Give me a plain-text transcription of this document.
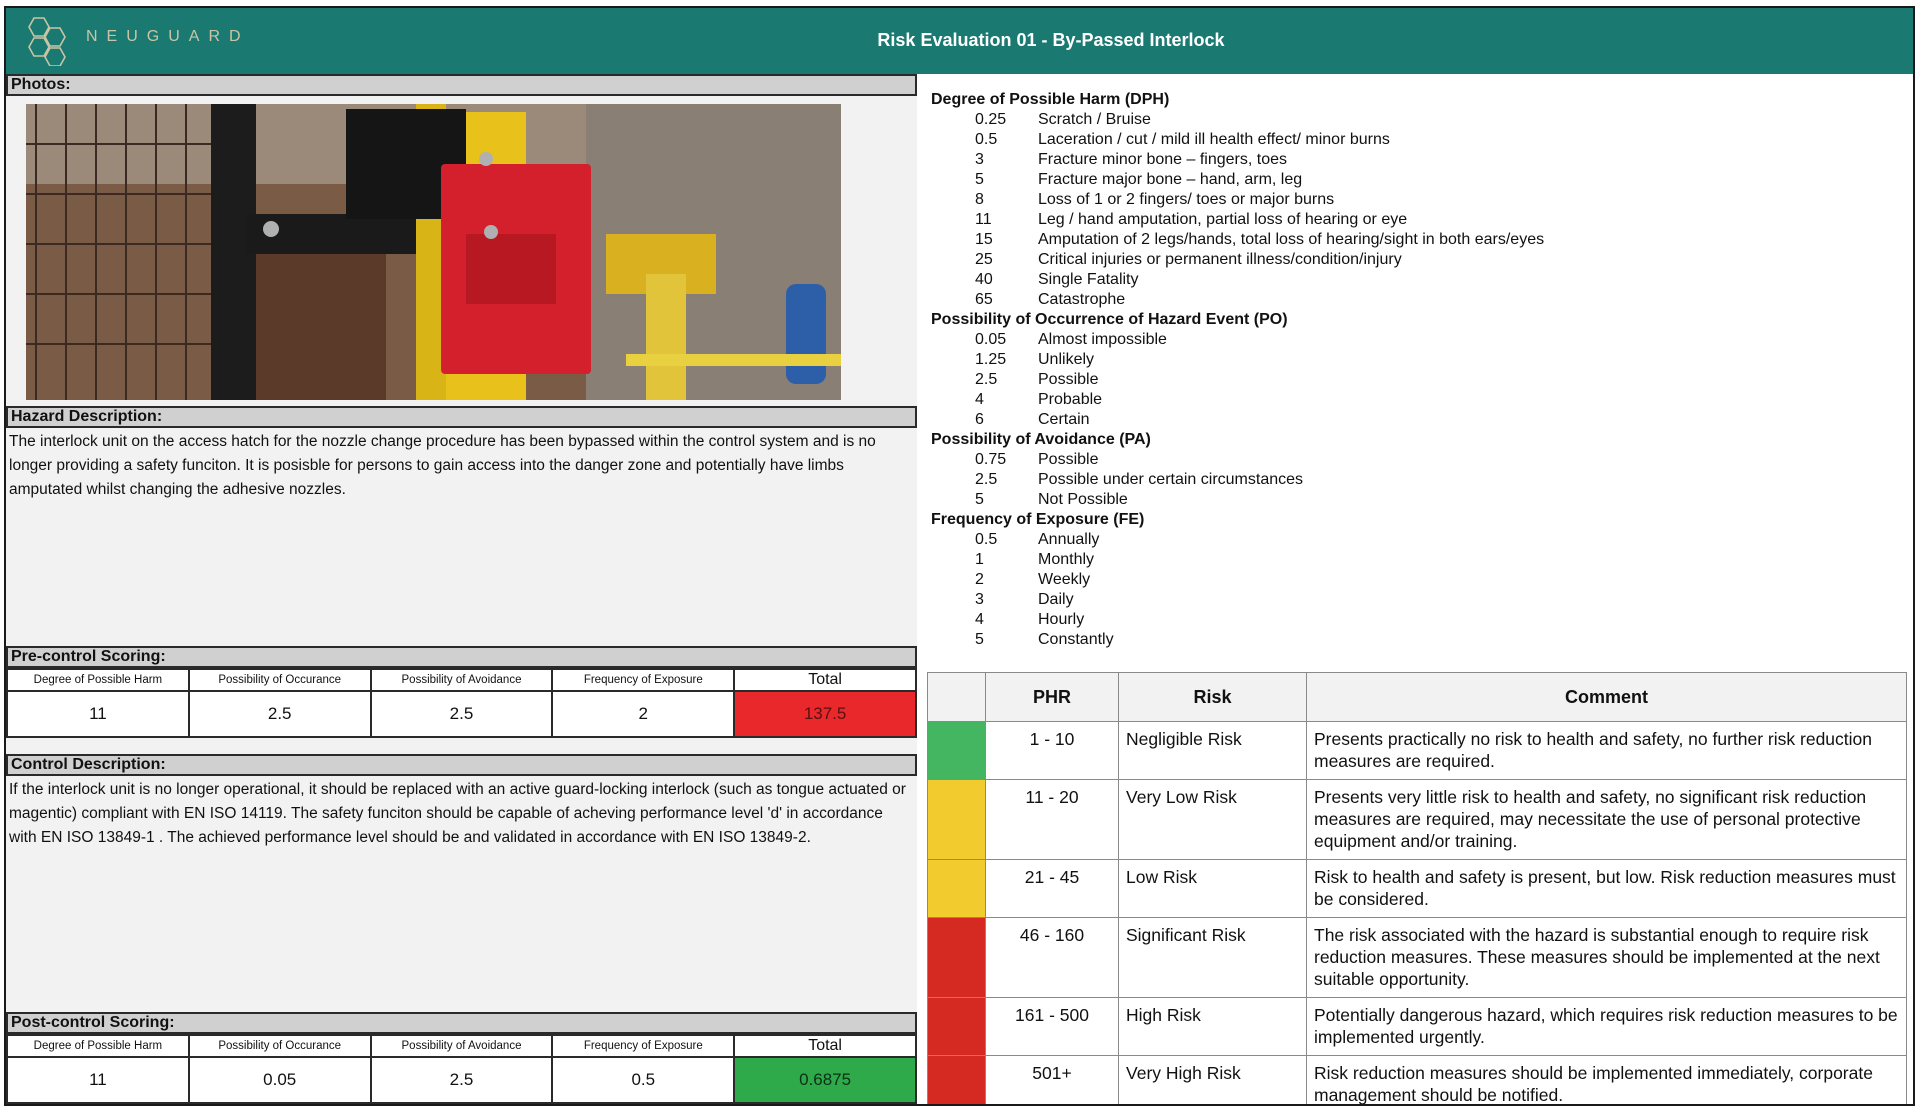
NEUGUARD	Risk Evaluation 01 - By-Passed Interlock
Photos:
Hazard Description:
The interlock unit on the access hatch for the nozzle change procedure has been bypassed within the control system and is no longer providing a safety funciton. It is posisble for persons to gain access into the danger zone and potentially have limbs amputated whilst changing the adhesive nozzles.
Pre-control Scoring:
Degree of Possible Harm	Possibility of Occurance	Possibility of Avoidance	Frequency of Exposure	Total
11	2.5	2.5	2	137.5
Control Description:
If the interlock unit is no longer operational, it should be replaced with an active guard-locking interlock (such as tongue actuated or magentic) compliant with EN ISO 14119. The safety funciton should be capable of acheving performance level 'd' in accordance with EN ISO 13849-1 . The achieved performance level should be and validated in accordance with EN ISO 13849-2.
Post-control Scoring:
Degree of Possible Harm	Possibility of Occurance	Possibility of Avoidance	Frequency of Exposure	Total
11	0.05	2.5	0.5	0.6875
Degree of Possible Harm (DPH)
0.25	Scratch / Bruise
0.5	Laceration / cut / mild ill health effect/ minor burns
3	Fracture minor bone – fingers, toes
5	Fracture major bone – hand, arm, leg
8	Loss of 1 or 2 fingers/ toes or major burns
11	Leg / hand amputation, partial loss of hearing or eye
15	Amputation of 2 legs/hands, total loss of hearing/sight in both ears/eyes
25	Critical injuries or permanent illness/condition/injury
40	Single Fatality
65	Catastrophe
Possibility of Occurrence of Hazard Event (PO)
0.05	Almost impossible
1.25	Unlikely
2.5	Possible
4	Probable
6	Certain
Possibility of Avoidance (PA)
0.75	Possible
2.5	Possible under certain circumstances
5	Not Possible
Frequency of Exposure (FE)
0.5	Annually
1	Monthly
2	Weekly
3	Daily
4	Hourly
5	Constantly
	PHR	Risk	Comment
	1 - 10	Negligible Risk	Presents practically no risk to health and safety, no further risk reduction measures are required.
	11 - 20	Very Low Risk	Presents very little risk to health and safety, no significant risk reduction measures are required, may necessitate the use of personal protective equipment and/or training.
	21 - 45	Low Risk	Risk to health and safety is present, but low. Risk reduction measures must be considered.
	46 - 160	Significant Risk	The risk associated with the hazard is substantial enough to require risk reduction measures. These measures should be implemented at the next suitable opportunity.
	161 - 500	High Risk	Potentially dangerous hazard, which requires risk reduction measures to be implemented urgently.
	501+	Very High Risk	Risk reduction measures should be implemented immediately, corporate management should be notified.
